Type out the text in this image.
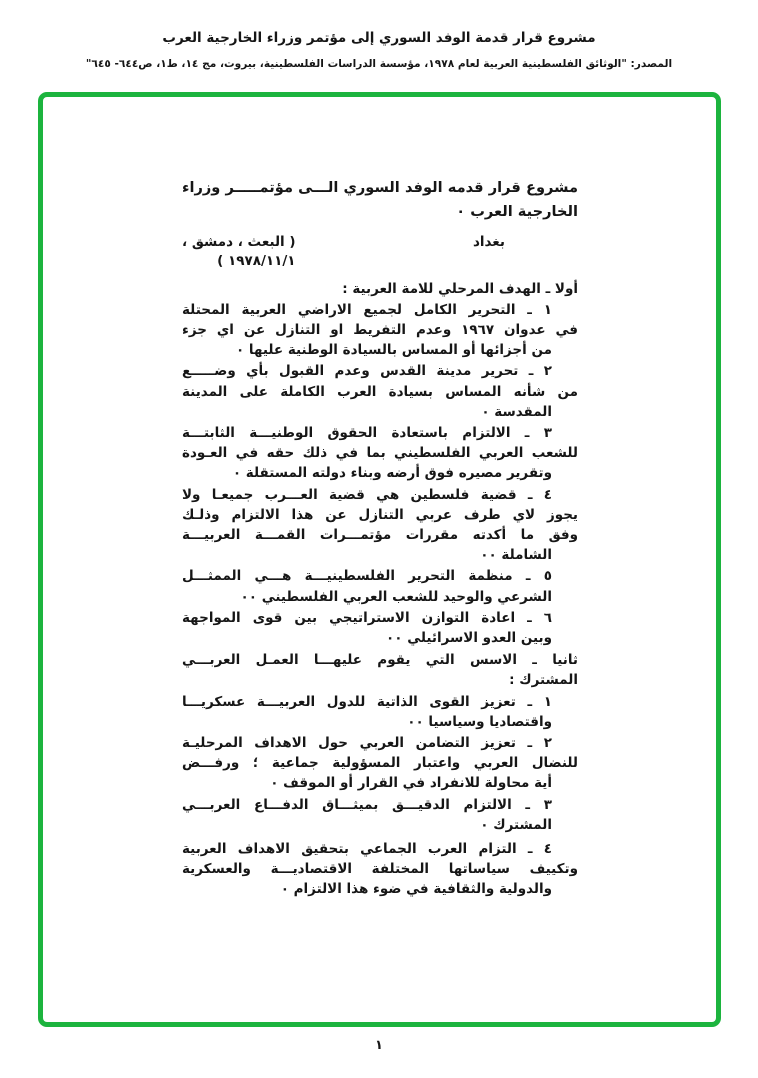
مشروع قرار قدمة الوفد السوري إلى مؤتمر وزراء الخارجية العرب
المصدر: "الوثائق الفلسطينية العربية لعام ١٩٧٨، مؤسسة الدراسات الفلسطينية، بيروت، مج ١٤، ط١، ص٦٤٤- ٦٤٥"
مشروع قرار قدمه الوفد السوري الـــى مؤتمـــــر وزراء
الخارجية العرب ٠
بغداد
( البعث ، دمشق ،
١٩٧٨/١١/١ )
أولا ـ الهدف المرحلي للامة العربية :
١ ـ التحرير الكامل لجميع الاراضي العربية المحتلة
في عدوان ١٩٦٧ وعدم التفريط او التنازل عن اي جزء
من أجزائها أو المساس بالسيادة الوطنية عليها ٠
٢ ـ تحرير مدينة القدس وعدم القبول بأي وضـــــع
من شأنه المساس بسيادة العرب الكاملة على المدينة
المقدسة ٠
٣ ـ الالتزام باستعادة الحقوق الوطنيـــة الثابتـــة
للشعب العربي الفلسطيني بما في ذلك حقه في العـودة
وتقرير مصيره فوق أرضه وبناء دولته المستقلة ٠
٤ ـ قضية فلسطين هي قضية العـــرب جميعـا ولا
يجوز لاي طرف عربي التنازل عن هذا الالتزام وذلـك
وفق ما أكدته مقررات مؤتمـــرات القمـــة العربيـــة
الشاملة ٠٠
٥ ـ منظمة التحرير الفلسطينيـــة هـــي الممثـــل
الشرعي والوحيد للشعب العربي الفلسطيني ٠٠
٦ ـ اعادة التوازن الاستراتيجي بين قوى المواجهة
وبين العدو الاسرائيلي ٠٠
ثانيا ـ الاسس التي يقوم عليهـــا العمـل العربـــي
المشترك :
١ ـ تعزيز القوى الذاتية للدول العربيـــة عسكريـــا
واقتصاديا وسياسيا ٠٠
٢ ـ تعزيز التضامن العربي حول الاهداف المرحليـة
للنضال العربي واعتبار المسؤولية جماعية ؛ ورفـــض
أية محاولة للانفراد في القرار أو الموقف ٠
٣ ـ الالتزام الدقيـــق بميثـــاق الدفـــاع العربـــي
المشترك ٠
٤ ـ التزام العرب الجماعي بتحقيق الاهداف العربية
وتكييف سياساتها المختلفة الاقتصاديـــة والعسكرية
والدولية والثقافية في ضوء هذا الالتزام ٠
١
